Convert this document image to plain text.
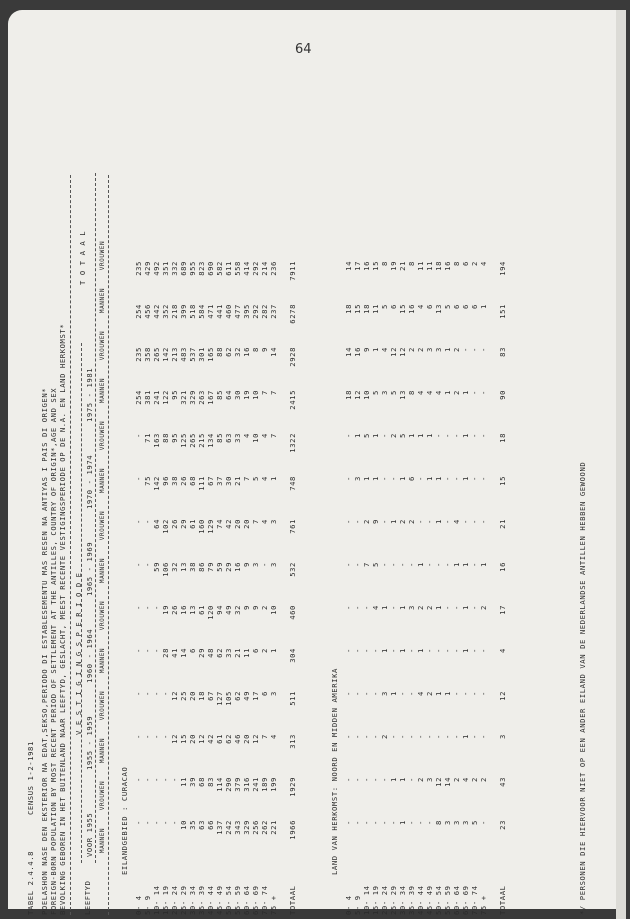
64
TABEL 2.4.4.8
CENSUS 1-2-1981 POELASHON NASE DEN EKSTERIOR NA EDAT,SEKSO,PERIODO DI ESTABLESEMENTU MAS RESEN NA ANTIYAS I PAIS DI ORIGEN* FOREIGN-BORN POPULATION BY MOST RECENT PERIOD OF SETTLEMENT AT THE ANTILLES, COUNTRY OF ORIGIN*,AGE AND SEX BEVOLKING GEBOREN IN HET BUITENLAND NAAR LEEFTYD, GESLACHT, MEEST RECENTE VESTIGINGSPERIODE OP DE N.A. EN LAND HERKOMST* LEEFTYD
V E S T I G I N G S P E R I O D E
T O T A A L
VOOR 1955
1955 - 1959
1960 - 1964
1965 - 1969
1970 - 1974
1975 - 1981
MANNEN
VROUWEN
MANNEN
VROUWEN
MANNEN
VROUWEN
MANNEN
VROUWEN
MANNEN
VROUWEN
MANNEN
VROUWEN
MANNEN
VROUWEN
EILANDGEBIED : CURACAO
0- 4
-
-
-
-
-
-
-
-
-
-
254
235
254
235
5- 9
-
-
-
-
-
-
-
-
75
71
381
358
456
429
10- 14
-
-
-
-
-
-
59
64
142
163
241
265
442
492
15- 19
-
-
-
-
28
19
106
102
96
88
122
142
352
351
20- 24
-
-
12
12
41
26
32
26
38
95
95
213
218
332
25- 29
10
11
15
25
14
16
13
29
26
125
321
483
399
689
30- 34
35
39
20
20
6
13
38
61
68
265
329
537
518
955
35- 39
63
68
12
18
29
61
86
160
111
215
263
301
584
823
40- 44
66
83
42
67
48
120
79
129
67
134
167
165
471
690
45- 49
137
114
61
127
62
94
59
74
37
85
85
88
441
582
50- 54
242
290
62
105
33
49
29
42
30
63
64
62
460
611
55- 59
343
379
46
62
21
32
16
20
21
33
30
32
477
558
60- 64
329
316
20
49
11
9
9
20
7
4
19
16
395
414
65- 69
256
241
12
17
6
9
3
7
5
10
10
8
292
292
70- 74
262
189
7
6
2
2
-
4
4
4
7
9
282
214
75 +
221
199
4
3
1
10
3
3
1
7
7
14
237
236
TOTAAL
1966
1929
313
511
304
460
532
761
748
1322
2415
2928
6278
7911
LAND VAN HERKOMST: NOORD EN MIDDEN AMERIKA
0- 4
-
-
-
-
-
-
-
-
-
-
18
14
18
14
5- 9
-
-
-
-
-
-
-
-
3
1
12
16
15
17
10- 14
-
-
-
-
-
-
7
2
1
5
10
9
18
16
15- 19
-
-
-
-
-
4
5
9
1
1
5
1
11
15
20- 24
-
-
2
3
1
1
-
-
-
-
3
4
5
8
25- 29
-
1
-
1
-
-
-
1
-
2
5
12
6
19
30- 34
1
1
-
-
1
1
-
2
1
5
13
12
15
21
35- 39
-
-
-
-
-
3
-
2
6
1
8
2
16
8
40- 44
-
2
-
4
1
2
1
-
-
1
4
2
4
11
45- 49
-
3
-
2
-
2
-
-
1
1
4
3
6
11
50- 54
8
12
-
1
-
1
-
1
1
-
4
3
13
18
55- 59
3
14
-
1
-
-
-
-
-
-
1
1
5
16
60- 64
3
2
-
-
-
-
1
4
-
-
2
2
6
8
65- 69
3
4
1
-
1
1
1
-
1
1
1
-
6
6
70- 74
5
2
-
-
-
-
-
-
-
-
-
-
6
2
75 +
-
2
-
-
-
2
1
-
-
-
-
-
1
4
TOTAAL
23
43
3
12
4
17
16
21
15
18
90
83
151
194
*/ PERSONEN DIE HIERVOOR NIET OP EEN ANDER EILAND VAN DE NEDERLANDSE ANTILLEN HEBBEN GEWOOND
